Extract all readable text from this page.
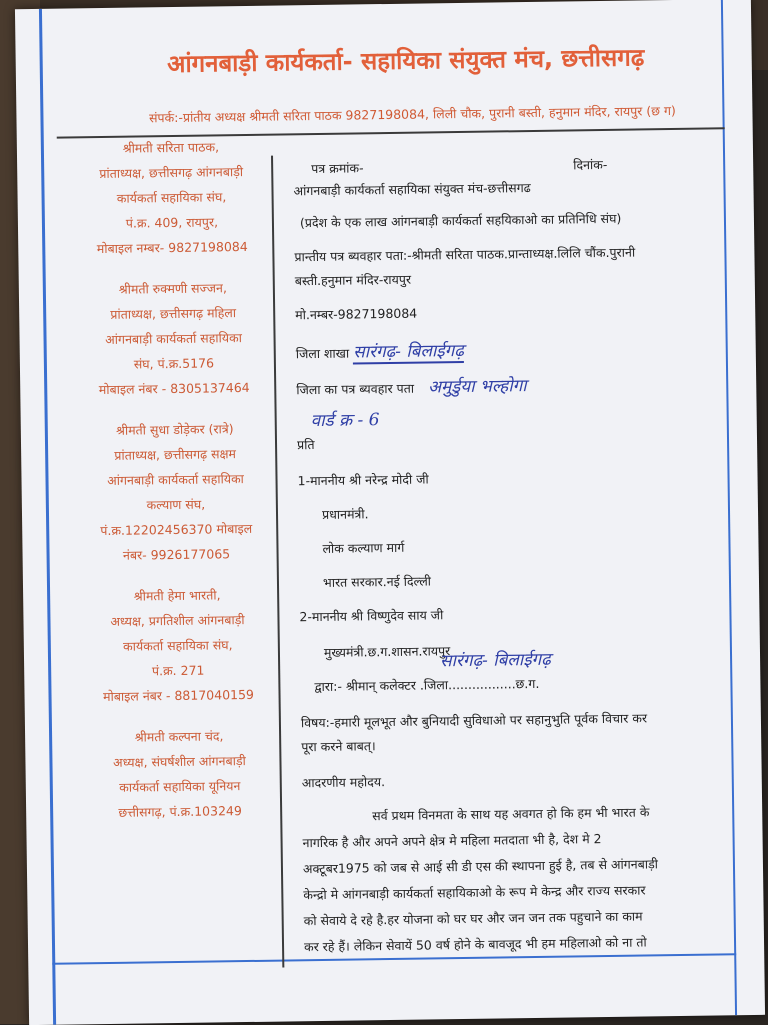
आंगनबाड़ी कार्यकर्ता- सहायिका संयुक्त मंच, छत्तीसगढ़
संपर्क:-प्रांतीय अध्यक्ष श्रीमती सरिता पाठक 9827198084, लिली चौक, पुरानी बस्ती, हनुमान मंदिर, रायपुर (छ ग)
श्रीमती सरिता पाठक,
प्रांताध्यक्ष, छत्तीसगढ़ आंगनबाड़ी
कार्यकर्ता सहायिका संघ,
पं.क्र. 409, रायपुर,
मोबाइल नम्बर- 9827198084
श्रीमती रुक्मणी सज्जन,
प्रांताध्यक्ष, छत्तीसगढ़ महिला
आंगनबाड़ी कार्यकर्ता सहायिका
संघ, पं.क्र.5176
मोबाइल नंबर - 8305137464
श्रीमती सुधा डोड़ेकर (रात्रे)
प्रांताध्यक्ष, छत्तीसगढ़ सक्षम
आंगनबाड़ी कार्यकर्ता सहायिका
कल्याण संघ,
पं.क्र.12202456370 मोबाइल
नंबर- 9926177065
श्रीमती हेमा भारती,
अध्यक्ष, प्रगतिशील आंगनबाड़ी
कार्यकर्ता सहायिका संघ,
पं.क्र. 271
मोबाइल नंबर - 8817040159
श्रीमती कल्पना चंद,
अध्यक्ष, संघर्षशील आंगनबाड़ी
कार्यकर्ता सहायिका यूनियन
छत्तीसगढ़, पं.क्र.103249
पत्र क्रमांक-	दिनांक-
आंगनबाड़ी कार्यकर्ता सहायिका संयुक्त मंच-छत्तीसगढ
(प्रदेश के एक लाख आंगनबाड़ी कार्यकर्ता सहयिकाओ का प्रतिनिधि संघ)
प्रान्तीय पत्र ब्यवहार पता:-श्रीमती सरिता पाठक.प्रान्ताध्यक्ष.लिलि चौंक.पुरानी
बस्ती.हनुमान मंदिर-रायपुर
मो.नम्बर-9827198084
जिला शाखा सारंगढ़- बिलाईगढ़
जिला का पत्र ब्यवहार पता अमुर्डुया भल्होगा
वार्ड क्र - 6
प्रति
1-माननीय श्री नरेन्द्र मोदी जी
प्रधानमंत्री.
लोक कल्याण मार्ग
भारत सरकार.नई दिल्ली
2-माननीय श्री विष्णुदेव साय जी
मुख्यमंत्री.छ.ग.शासन.रायपुर
सारंगढ़- बिलाईगढ़
द्वारा:- श्रीमान् कलेक्टर .जिला.................छ.ग.
विषय:-हमारी मूलभूत और बुनियादी सुविधाओ पर सहानुभुति पूर्वक विचार कर
पूरा करने बाबत्।
आदरणीय महोदय.
सर्व प्रथम विनमता के साथ यह अवगत हो कि हम भी भारत के
नागरिक है और अपने अपने क्षेत्र मे महिला मतदाता भी है, देश मे 2
अक्टूबर1975 को जब से आई सी डी एस की स्थापना हुई है, तब से आंगनबाड़ी
केन्द्रो मे आंगनबाड़ी कार्यकर्ता सहायिकाओ के रूप मे केन्द्र और राज्य सरकार
को सेवाये दे रहे है.हर योजना को घर घर और जन जन तक पहुचाने का काम
कर रहे हैं। लेकिन सेवायें 50 वर्ष होने के बावजूद भी हम महिलाओ को ना तो
